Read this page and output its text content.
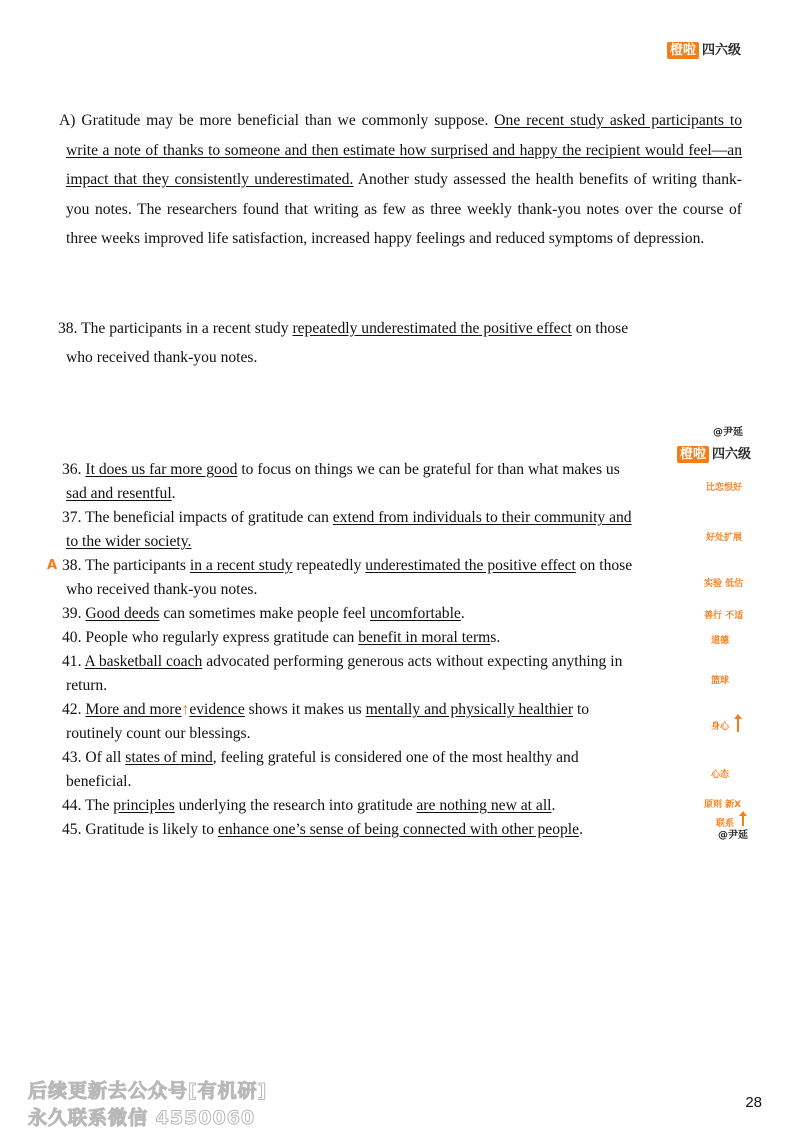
橙啦 四六级
A) Gratitude may be more beneficial than we commonly suppose. One recent study asked participants to write a note of thanks to someone and then estimate how surprised and happy the recipient would feel—an impact that they consistently underestimated. Another study assessed the health benefits of writing thank-you notes. The researchers found that writing as few as three weekly thank-you notes over the course of three weeks improved life satisfaction, increased happy feelings and reduced symptoms of depression.
38. The participants in a recent study repeatedly underestimated the positive effect on those
who received thank-you notes.
@尹延
橙啦 四六级
36. It does us far more good to focus on things we can be grateful for than what makes us
sad and resentful.
37. The beneficial impacts of gratitude can extend from individuals to their community and
to the wider society.
38. The participants in a recent study repeatedly underestimated the positive effect on those
who received thank-you notes.
39. Good deeds can sometimes make people feel uncomfortable.
40. People who regularly express gratitude can benefit in moral terms.
41. A basketball coach advocated performing generous acts without expecting anything in
return.
42. More and more↑evidence shows it makes us mentally and physically healthier to
routinely count our blessings.
43. Of all states of mind, feeling grateful is considered one of the most healthy and
beneficial.
44. The principles underlying the research into gratitude are nothing new at all.
45. Gratitude is likely to enhance one’s sense of being connected with other people.
A
比恋恨好
好处扩展
实验 低估
善行 不适
道德
篮球
身心
心态
原则 新X
联系
@尹延
后续更新去公众号[有机研]
永久联系微信 4550060
28
